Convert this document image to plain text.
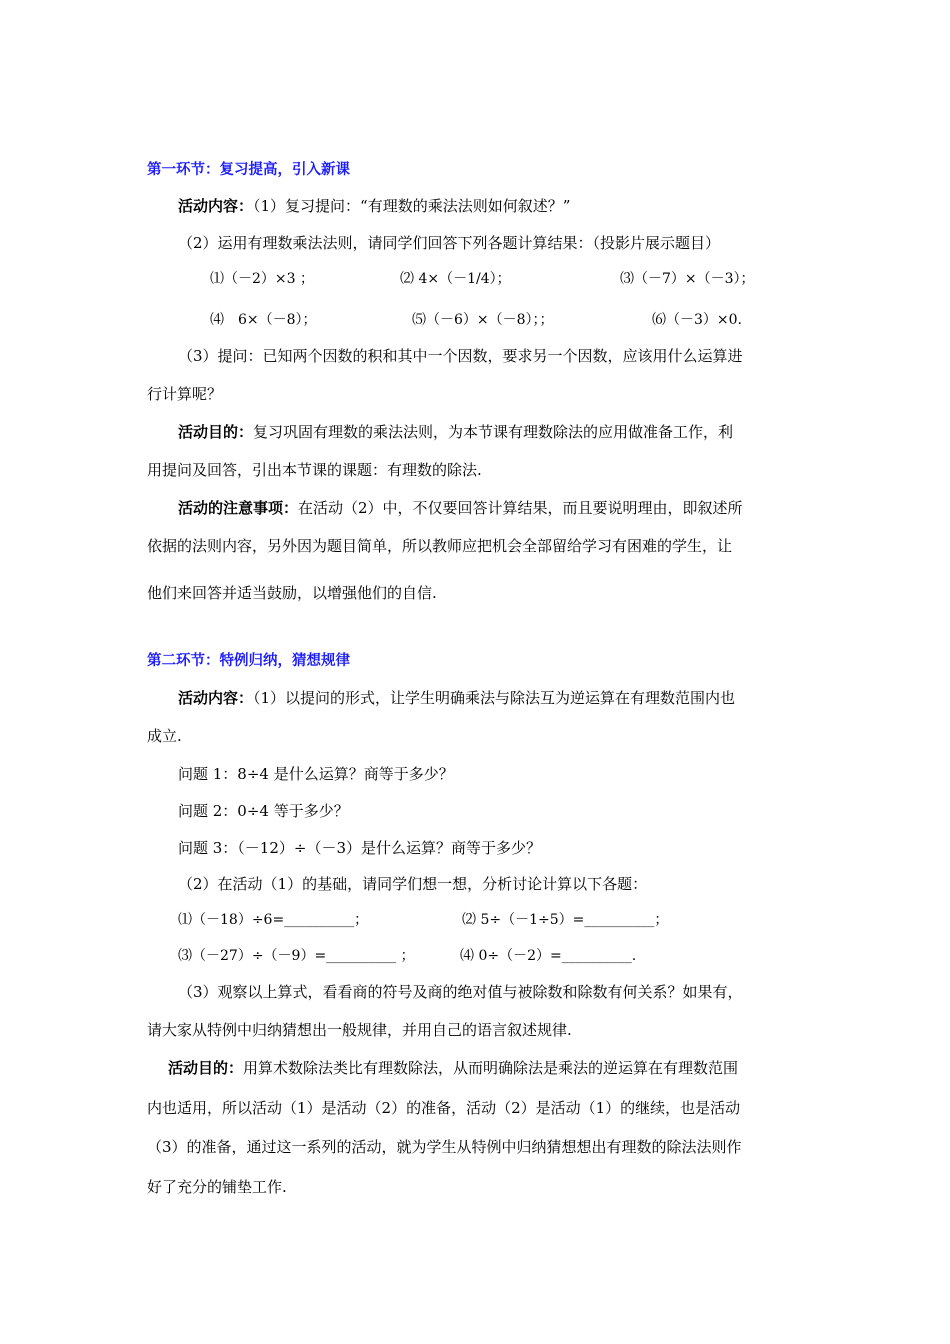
第一环节：复习提高，引入新课
活动内容：（1）复习提问：“有理数的乘法法则如何叙述？”
（2）运用有理数乘法法则，请同学们回答下列各题计算结果：（投影片展示题目）
⑴（－2）×3 ；	⑵ 4×（－1/4）；	⑶（－7）×（－3）；
⑷　6×（－8）；	⑸（－6）×（－8）；；	⑹（－3）×0.
（3）提问：已知两个因数的积和其中一个因数，要求另一个因数，应该用什么运算进
行计算呢？
活动目的：复习巩固有理数的乘法法则，为本节课有理数除法的应用做准备工作，利
用提问及回答，引出本节课的课题：有理数的除法.
活动的注意事项：在活动（2）中，不仅要回答计算结果，而且要说明理由，即叙述所
依据的法则内容，另外因为题目简单，所以教师应把机会全部留给学习有困难的学生，让
他们来回答并适当鼓励，以增强他们的自信.
第二环节：特例归纳，猜想规律
活动内容：（1）以提问的形式，让学生明确乘法与除法互为逆运算在有理数范围内也
成立.
问题 1：8÷4 是什么运算？商等于多少？
问题 2：0÷4 等于多少？
问题 3：（－12）÷（－3）是什么运算？商等于多少？
（2）在活动（1）的基础，请同学们想一想，分析讨论计算以下各题：
⑴（－18）÷6=__________；	⑵ 5÷（－1÷5）=__________；
⑶（－27）÷（－9）=__________ ；	⑷ 0÷（－2）=__________.
（3）观察以上算式，看看商的符号及商的绝对值与被除数和除数有何关系？如果有，
请大家从特例中归纳猜想出一般规律，并用自己的语言叙述规律.
活动目的：用算术数除法类比有理数除法，从而明确除法是乘法的逆运算在有理数范围
内也适用，所以活动（1）是活动（2）的准备，活动（2）是活动（1）的继续，也是活动
（3）的准备，通过这一系列的活动，就为学生从特例中归纳猜想想出有理数的除法法则作
好了充分的铺垫工作.
